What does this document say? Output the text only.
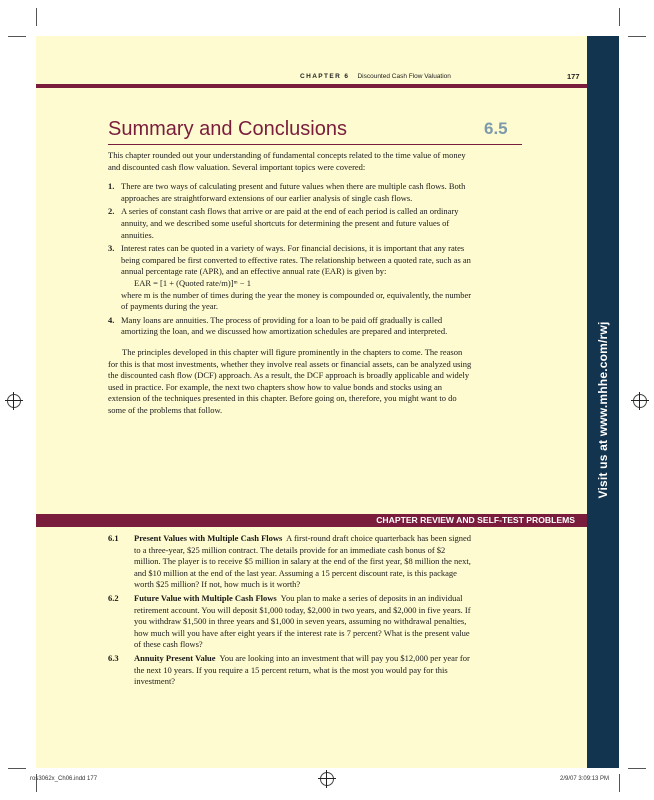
Visit us at www.mhhe.com/rwj
CHAPTER 6 Discounted Cash Flow Valuation	177
Summary and Conclusions	6.5

This chapter rounded out your understanding of fundamental concepts related to the time value of money and discounted cash flow valuation. Several important topics were covered:

1. There are two ways of calculating present and future values when there are multiple cash flows. Both approaches are straightforward extensions of our earlier analysis of single cash flows.

2. A series of constant cash flows that arrive or are paid at the end of each period is called an ordinary annuity, and we described some useful shortcuts for determining the present and future values of annuities.

3. Interest rates can be quoted in a variety of ways. For financial decisions, it is important that any rates being compared be first converted to effective rates. The relationship between a quoted rate, such as an annual percentage rate (APR), and an effective annual rate (EAR) is given by:

EAR = [1 + (Quoted rate/m)]ᵐ − 1

where m is the number of times during the year the money is compounded or, equivalently, the number of payments during the year.

4. Many loans are annuities. The process of providing for a loan to be paid off gradually is called amortizing the loan, and we discussed how amortization schedules are prepared and interpreted.

The principles developed in this chapter will figure prominently in the chapters to come. The reason for this is that most investments, whether they involve real assets or financial assets, can be analyzed using the discounted cash flow (DCF) approach. As a result, the DCF approach is broadly applicable and widely used in practice. For example, the next two chapters show how to value bonds and stocks using an extension of the techniques presented in this chapter. Before going on, therefore, you might want to do some of the problems that follow.

CHAPTER REVIEW AND SELF-TEST PROBLEMS
6.1 Present Values with Multiple Cash Flows A first-round draft choice quarterback has been signed to a three-year, $25 million contract. The details provide for an immediate cash bonus of $2 million. The player is to receive $5 million in salary at the end of the first year, $8 million the next, and $10 million at the end of the last year. Assuming a 15 percent discount rate, is this package worth $25 million? If not, how much is it worth?

6.2 Future Value with Multiple Cash Flows You plan to make a series of deposits in an individual retirement account. You will deposit $1,000 today, $2,000 in two years, and $2,000 in five years. If you withdraw $1,500 in three years and $1,000 in seven years, assuming no withdrawal penalties, how much will you have after eight years if the interest rate is 7 percent? What is the present value of these cash flows?

6.3 Annuity Present Value You are looking into an investment that will pay you $12,000 per year for the next 10 years. If you require a 15 percent return, what is the most you would pay for this investment?

ros3062x_Ch06.indd 177	2/9/07 3:09:13 PM
